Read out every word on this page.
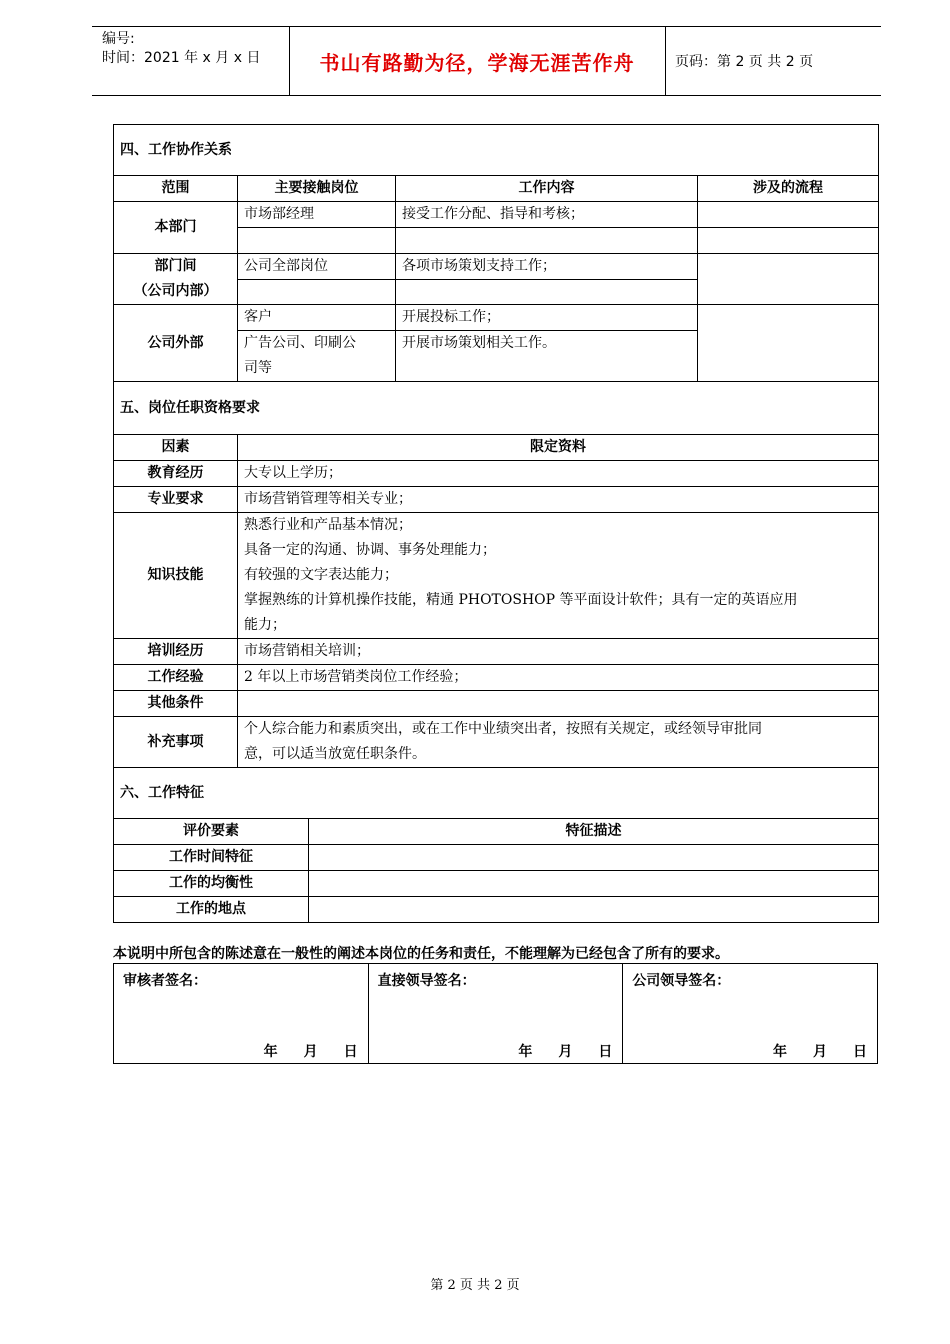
编号:
时间：2021 年 x 月 x 日	书山有路勤为径，学海无涯苦作舟	页码：第 2 页 共 2 页
四、工作协作关系				
范围	主要接触岗位		工作内容	涉及的流程
本部门	市场部经理		接受工作分配、指导和考核；	

部门间
（公司内部）	公司全部岗位		各项市场策划支持工作；	

公司外部	客户		开展投标工作；	

	广告公司、印刷公
司等		开展市场策划相关工作。	
五、岗位任职资格要求				
因素	限定资料			
教育经历	大专以上学历；			
专业要求	市场营销管理等相关专业；			
知识技能	熟悉行业和产品基本情况；
具备一定的沟通、协调、事务处理能力；
有较强的文字表达能力；
掌握熟练的计算机操作技能，精通 PHOTOSHOP 等平面设计软件；具有一定的英语应用
能力；			

培训经历	市场营销相关培训；			
工作经验	2 年以上市场营销类岗位工作经验；			
其他条件				
补充事项	个人综合能力和素质突出，或在工作中业绩突出者，按照有关规定，或经领导审批同
意，可以适当放宽任职条件。			

六、工作特征				
评价要素		特征描述		
工作时间特征				
工作的均衡性				
工作的地点				
本说明中所包含的陈述意在一般性的阐述本岗位的任务和责任，不能理解为已经包含了所有的要求。
审核者签名：
年 月 日

直接领导签名：
年 月 日

公司领导签名：
年 月 日
第 2 页 共 2 页
